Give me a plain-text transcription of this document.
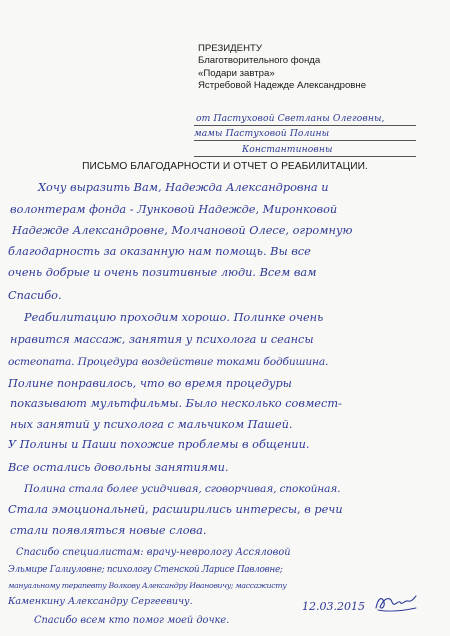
ПРЕЗИДЕНТУ
Благотворительного фонда
«Подари завтра»
Ястребовой Надежде Александровне
от Пастуховой Светланы Олеговны,
мамы Пастуховой Полины
Константиновны
ПИСЬМО БЛАГОДАРНОСТИ И ОТЧЕТ О РЕАБИЛИТАЦИИ.
Хочу выразить Вам, Надежда Александровна и
волонтерам фонда - Лунковой Надежде, Миронковой
Надежде Александровне, Молчановой Олесе, огромную
благодарность за оказанную нам помощь. Вы все
очень добрые и очень позитивные люди. Всем вам
Спасибо.
Реабилитацию проходим хорошо. Полинке очень
нравится массаж, занятия у психолога и сеансы
остеопата. Процедура воздействие токами бодбишина.
Полине понравилось, что во время процедуры
показывают мультфильмы. Было несколько совмест-
ных занятий у психолога с мальчиком Пашей.
У Полины и Паши похожие проблемы в общении.
Все остались довольны занятиями.
Полина стала более усидчивая, сговорчивая, спокойная.
Стала эмоциональней, расширились интересы, в речи
стали появляться новые слова.
Спасибо специалистам: врачу-неврологу Ассяловой
Эльмире Галиуловне; психологу Стенской Ларисе Павловне;
мануальному терапевту Волкову Александру Ивановичу; массажисту
Каменкину Александру Сергеевичу.
Спасибо всем кто помог моей дочке.
12.03.2015
